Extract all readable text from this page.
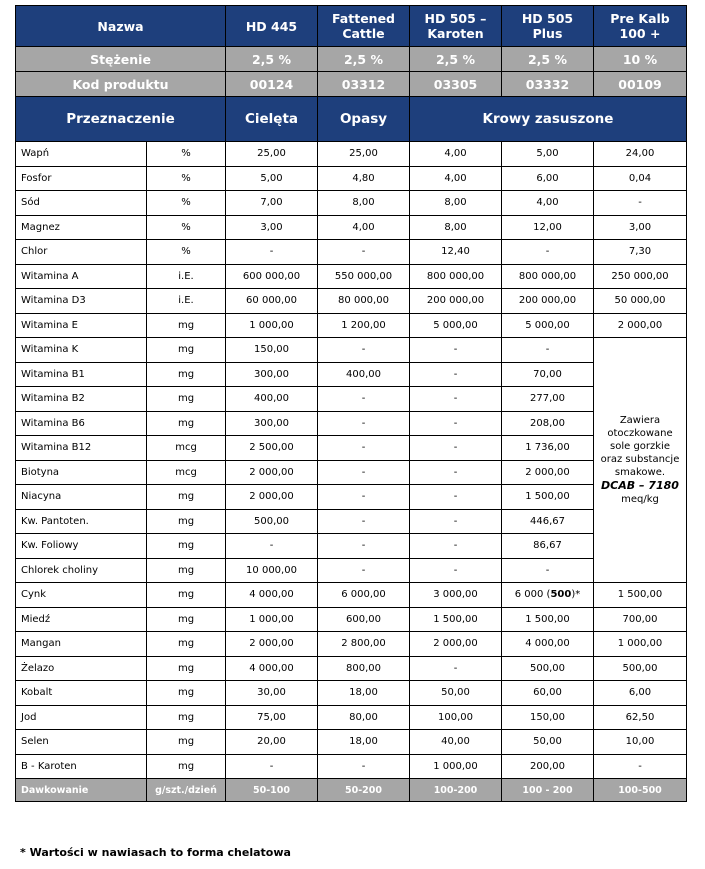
Nazwa		HD 445	Fattened Cattle	HD 505 – Karoten	HD 505 Plus	Pre Kalb 100 +
Stężenie		2,5 %	2,5 %	2,5 %	2,5 %	10 %
Kod produktu		00124	03312	03305	03332	00109
Przeznaczenie		Cielęta	Opasy	Krowy zasuszone		
Wapń	%	25,00	25,00	4,00	5,00	24,00
Fosfor	%	5,00	4,80	4,00	6,00	0,04
Sód	%	7,00	8,00	8,00	4,00	-
Magnez	%	3,00	4,00	8,00	12,00	3,00
Chlor	%	-	-	12,40	-	7,30
Witamina A	i.E.	600 000,00	550 000,00	800 000,00	800 000,00	250 000,00
Witamina D3	i.E.	60 000,00	80 000,00	200 000,00	200 000,00	50 000,00
Witamina E	mg	1 000,00	1 200,00	5 000,00	5 000,00	2 000,00
Witamina K	mg	150,00	-	-	-	Zawiera otoczkowane sole gorzkie oraz substancje smakowe.
DCAB – 7180
meq/kg
Witamina B1	mg	300,00	400,00	-	70,00	
Witamina B2	mg	400,00	-	-	277,00	
Witamina B6	mg	300,00	-	-	208,00	
Witamina B12	mcg	2 500,00	-	-	1 736,00	
Biotyna	mcg	2 000,00	-	-	2 000,00	
Niacyna	mg	2 000,00	-	-	1 500,00	
Kw. Pantoten.	mg	500,00	-	-	446,67	
Kw. Foliowy	mg	-	-	-	86,67	
Chlorek choliny	mg	10 000,00	-	-	-	
Cynk	mg	4 000,00	6 000,00	3 000,00	6 000 (500)*	1 500,00
Miedź	mg	1 000,00	600,00	1 500,00	1 500,00	700,00
Mangan	mg	2 000,00	2 800,00	2 000,00	4 000,00	1 000,00
Żelazo	mg	4 000,00	800,00	-	500,00	500,00
Kobalt	mg	30,00	18,00	50,00	60,00	6,00
Jod	mg	75,00	80,00	100,00	150,00	62,50
Selen	mg	20,00	18,00	40,00	50,00	10,00
B - Karoten	mg	-	-	1 000,00	200,00	-
Dawkowanie	g/szt./dzień	50-100	50-200	100-200	100 - 200	100-500
* Wartości w nawiasach to forma chelatowa
